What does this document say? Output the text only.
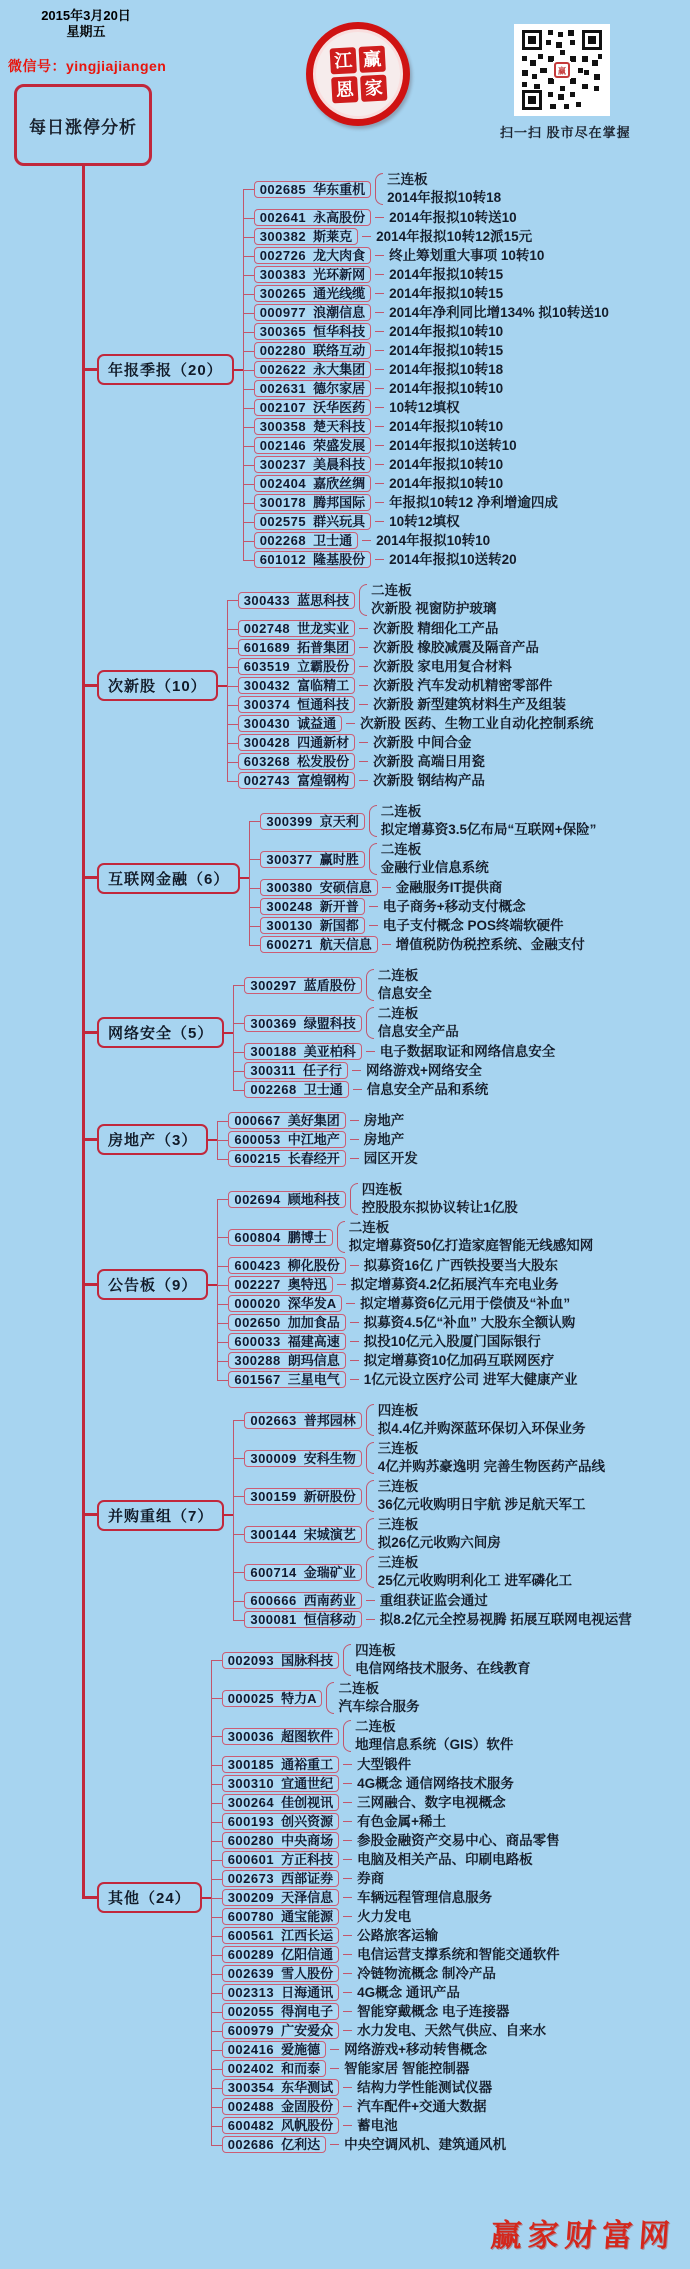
2015年3月20日
星期五
微信号：yingjiajiangen
每日涨停分析
江 赢
恩 家
赢
扫一扫 股市尽在掌握
年报季报（20）
002685 华东重机
三连板
2014年报拟10转18
002641 永高股份	2014年报拟10转送10
300382 斯莱克	2014年报拟10转12派15元
002726 龙大肉食	终止筹划重大事项 10转10
300383 光环新网	2014年报拟10转15
300265 通光线缆	2014年报拟10转15
000977 浪潮信息	2014年净利同比增134% 拟10转送10
300365 恒华科技	2014年报拟10转10
002280 联络互动	2014年报拟10转15
002622 永大集团	2014年报拟10转18
002631 德尔家居	2014年报拟10转10
002107 沃华医药	10转12填权
300358 楚天科技	2014年报拟10转10
002146 荣盛发展	2014年报拟10送转10
300237 美晨科技	2014年报拟10转10
002404 嘉欣丝绸	2014年报拟10转10
300178 腾邦国际	年报拟10转12 净利增逾四成
002575 群兴玩具	10转12填权
002268 卫士通	2014年报拟10转10
601012 隆基股份	2014年报拟10送转20
次新股（10）
300433 蓝思科技
二连板
次新股 视窗防护玻璃
002748 世龙实业	次新股 精细化工产品
601689 拓普集团	次新股 橡胶减震及隔音产品
603519 立霸股份	次新股 家电用复合材料
300432 富临精工	次新股 汽车发动机精密零部件
300374 恒通科技	次新股 新型建筑材料生产及组装
300430 诚益通	次新股 医药、生物工业自动化控制系统
300428 四通新材	次新股 中间合金
603268 松发股份	次新股 高端日用瓷
002743 富煌钢构	次新股 钢结构产品
互联网金融（6）
300399 京天利
二连板
拟定增募资3.5亿布局“互联网+保险”
300377 赢时胜
二连板
金融行业信息系统
300380 安硕信息	金融服务IT提供商
300248 新开普	电子商务+移动支付概念
300130 新国都	电子支付概念 POS终端软硬件
600271 航天信息	增值税防伪税控系统、金融支付
网络安全（5）
300297 蓝盾股份
二连板
信息安全
300369 绿盟科技
二连板
信息安全产品
300188 美亚柏科	电子数据取证和网络信息安全
300311 任子行	网络游戏+网络安全
002268 卫士通	信息安全产品和系统
房地产（3）
000667 美好集团	房地产
600053 中江地产	房地产
600215 长春经开	园区开发
公告板（9）
002694 顾地科技
四连板
控股股东拟协议转让1亿股
600804 鹏博士
二连板
拟定增募资50亿打造家庭智能无线感知网
600423 柳化股份	拟募资16亿 广西铁投要当大股东
002227 奥特迅	拟定增募资4.2亿拓展汽车充电业务
000020 深华发A	拟定增募资6亿元用于偿债及“补血”
002650 加加食品	拟募资4.5亿“补血” 大股东全额认购
600033 福建高速	拟投10亿元入股厦门国际银行
300288 朗玛信息	拟定增募资10亿加码互联网医疗
601567 三星电气	1亿元设立医疗公司 进军大健康产业
并购重组（7）
002663 普邦园林
四连板
拟4.4亿并购深蓝环保切入环保业务
300009 安科生物
三连板
4亿并购苏豪逸明 完善生物医药产品线
300159 新研股份
三连板
36亿元收购明日宇航 涉足航天军工
300144 宋城演艺
三连板
拟26亿元收购六间房
600714 金瑞矿业
三连板
25亿元收购明利化工 进军磷化工
600666 西南药业	重组获证监会通过
300081 恒信移动	拟8.2亿元全控易视腾 拓展互联网电视运营
其他（24）
002093 国脉科技
四连板
电信网络技术服务、在线教育
000025 特力A
二连板
汽车综合服务
300036 超图软件
二连板
地理信息系统（GIS）软件
300185 通裕重工	大型锻件
300310 宜通世纪	4G概念 通信网络技术服务
300264 佳创视讯	三网融合、数字电视概念
600193 创兴资源	有色金属+稀土
600280 中央商场	参股金融资产交易中心、商品零售
600601 方正科技	电脑及相关产品、印刷电路板
002673 西部证券	券商
300209 天泽信息	车辆远程管理信息服务
600780 通宝能源	火力发电
600561 江西长运	公路旅客运输
600289 亿阳信通	电信运营支撑系统和智能交通软件
002639 雪人股份	冷链物流概念 制冷产品
002313 日海通讯	4G概念 通讯产品
002055 得润电子	智能穿戴概念 电子连接器
600979 广安爱众	水力发电、天然气供应、自来水
002416 爱施德	网络游戏+移动转售概念
002402 和而泰	智能家居 智能控制器
300354 东华测试	结构力学性能测试仪器
002488 金固股份	汽车配件+交通大数据
600482 风帆股份	蓄电池
002686 亿利达	中央空调风机、建筑通风机
赢家财富网
